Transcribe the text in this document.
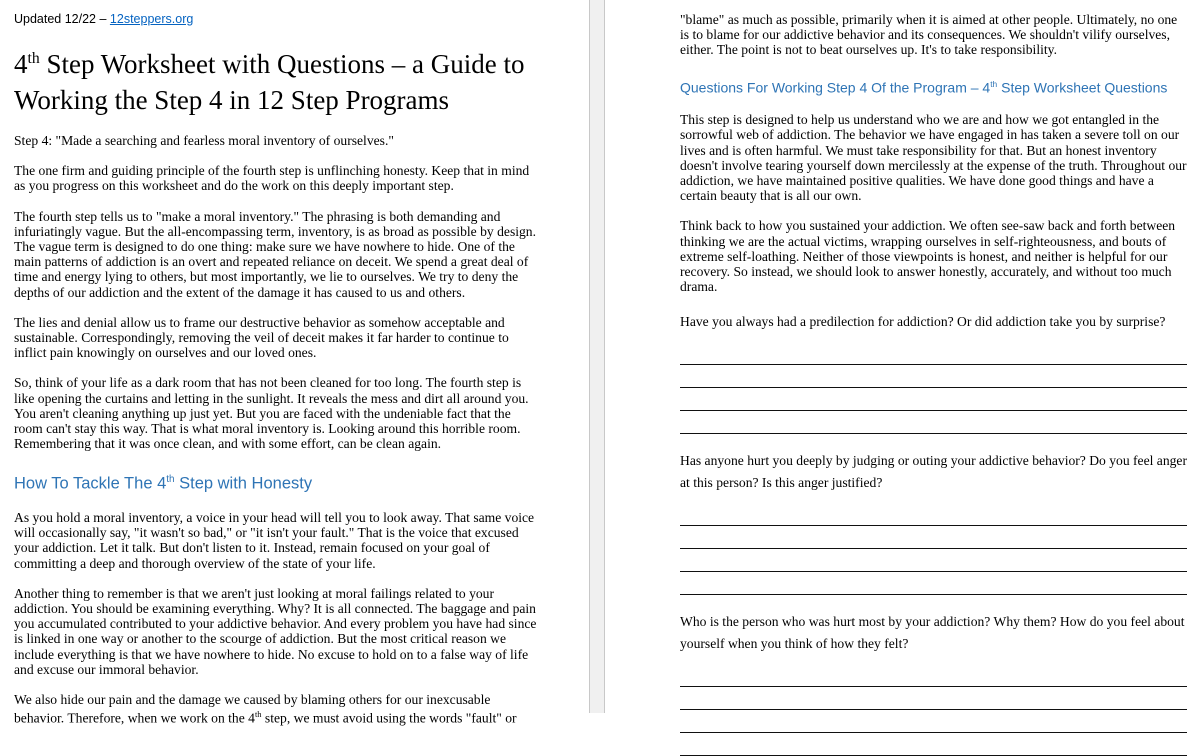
Updated 12/22 – 12steppers.org
4th Step Worksheet with Questions – a Guide to
Working the Step 4 in 12 Step Programs

Step 4: "Made a searching and fearless moral inventory of ourselves."

The one firm and guiding principle of the fourth step is unflinching honesty. Keep that in mind as you progress on this worksheet and do the work on this deeply important step.

The fourth step tells us to "make a moral inventory." The phrasing is both demanding and infuriatingly vague. But the all-encompassing term, inventory, is as broad as possible by design. The vague term is designed to do one thing: make sure we have nowhere to hide. One of the main patterns of addiction is an overt and repeated reliance on deceit. We spend a great deal of time and energy lying to others, but most importantly, we lie to ourselves. We try to deny the depths of our addiction and the extent of the damage it has caused to us and others.

The lies and denial allow us to frame our destructive behavior as somehow acceptable and sustainable. Correspondingly, removing the veil of deceit makes it far harder to continue to inflict pain knowingly on ourselves and our loved ones.

So, think of your life as a dark room that has not been cleaned for too long. The fourth step is like opening the curtains and letting in the sunlight. It reveals the mess and dirt all around you. You aren't cleaning anything up just yet. But you are faced with the undeniable fact that the room can't stay this way. That is what moral inventory is. Looking around this horrible room. Remembering that it was once clean, and with some effort, can be clean again.

How To Tackle The 4th Step with Honesty

As you hold a moral inventory, a voice in your head will tell you to look away. That same voice will occasionally say, "it wasn't so bad," or "it isn't your fault." That is the voice that excused your addiction. Let it talk. But don't listen to it. Instead, remain focused on your goal of committing a deep and thorough overview of the state of your life.

Another thing to remember is that we aren't just looking at moral failings related to your addiction. You should be examining everything. Why? It is all connected. The baggage and pain you accumulated contributed to your addictive behavior. And every problem you have had since is linked in one way or another to the scourge of addiction. But the most critical reason we include everything is that we have nowhere to hide. No excuse to hold on to a false way of life and excuse our immoral behavior.

We also hide our pain and the damage we caused by blaming others for our inexcusable behavior. Therefore, when we work on the 4th step, we must avoid using the words "fault" or

"blame" as much as possible, primarily when it is aimed at other people. Ultimately, no one is to blame for our addictive behavior and its consequences. We shouldn't vilify ourselves, either. The point is not to beat ourselves up. It's to take responsibility.

Questions For Working Step 4 Of the Program – 4th Step Worksheet Questions

This step is designed to help us understand who we are and how we got entangled in the sorrowful web of addiction. The behavior we have engaged in has taken a severe toll on our lives and is often harmful. We must take responsibility for that. But an honest inventory doesn't involve tearing yourself down mercilessly at the expense of the truth. Throughout our addiction, we have maintained positive qualities. We have done good things and have a certain beauty that is all our own.

Think back to how you sustained your addiction. We often see-saw back and forth between thinking we are the actual victims, wrapping ourselves in self-righteousness, and bouts of extreme self-loathing. Neither of those viewpoints is honest, and neither is helpful for our recovery. So instead, we should look to answer honestly, accurately, and without too much drama.

Have you always had a predilection for addiction? Or did addiction take you by surprise?

Has anyone hurt you deeply by judging or outing your addictive behavior? Do you feel anger at this person? Is this anger justified?

Who is the person who was hurt most by your addiction? Why them? How do you feel about yourself when you think of how they felt?
